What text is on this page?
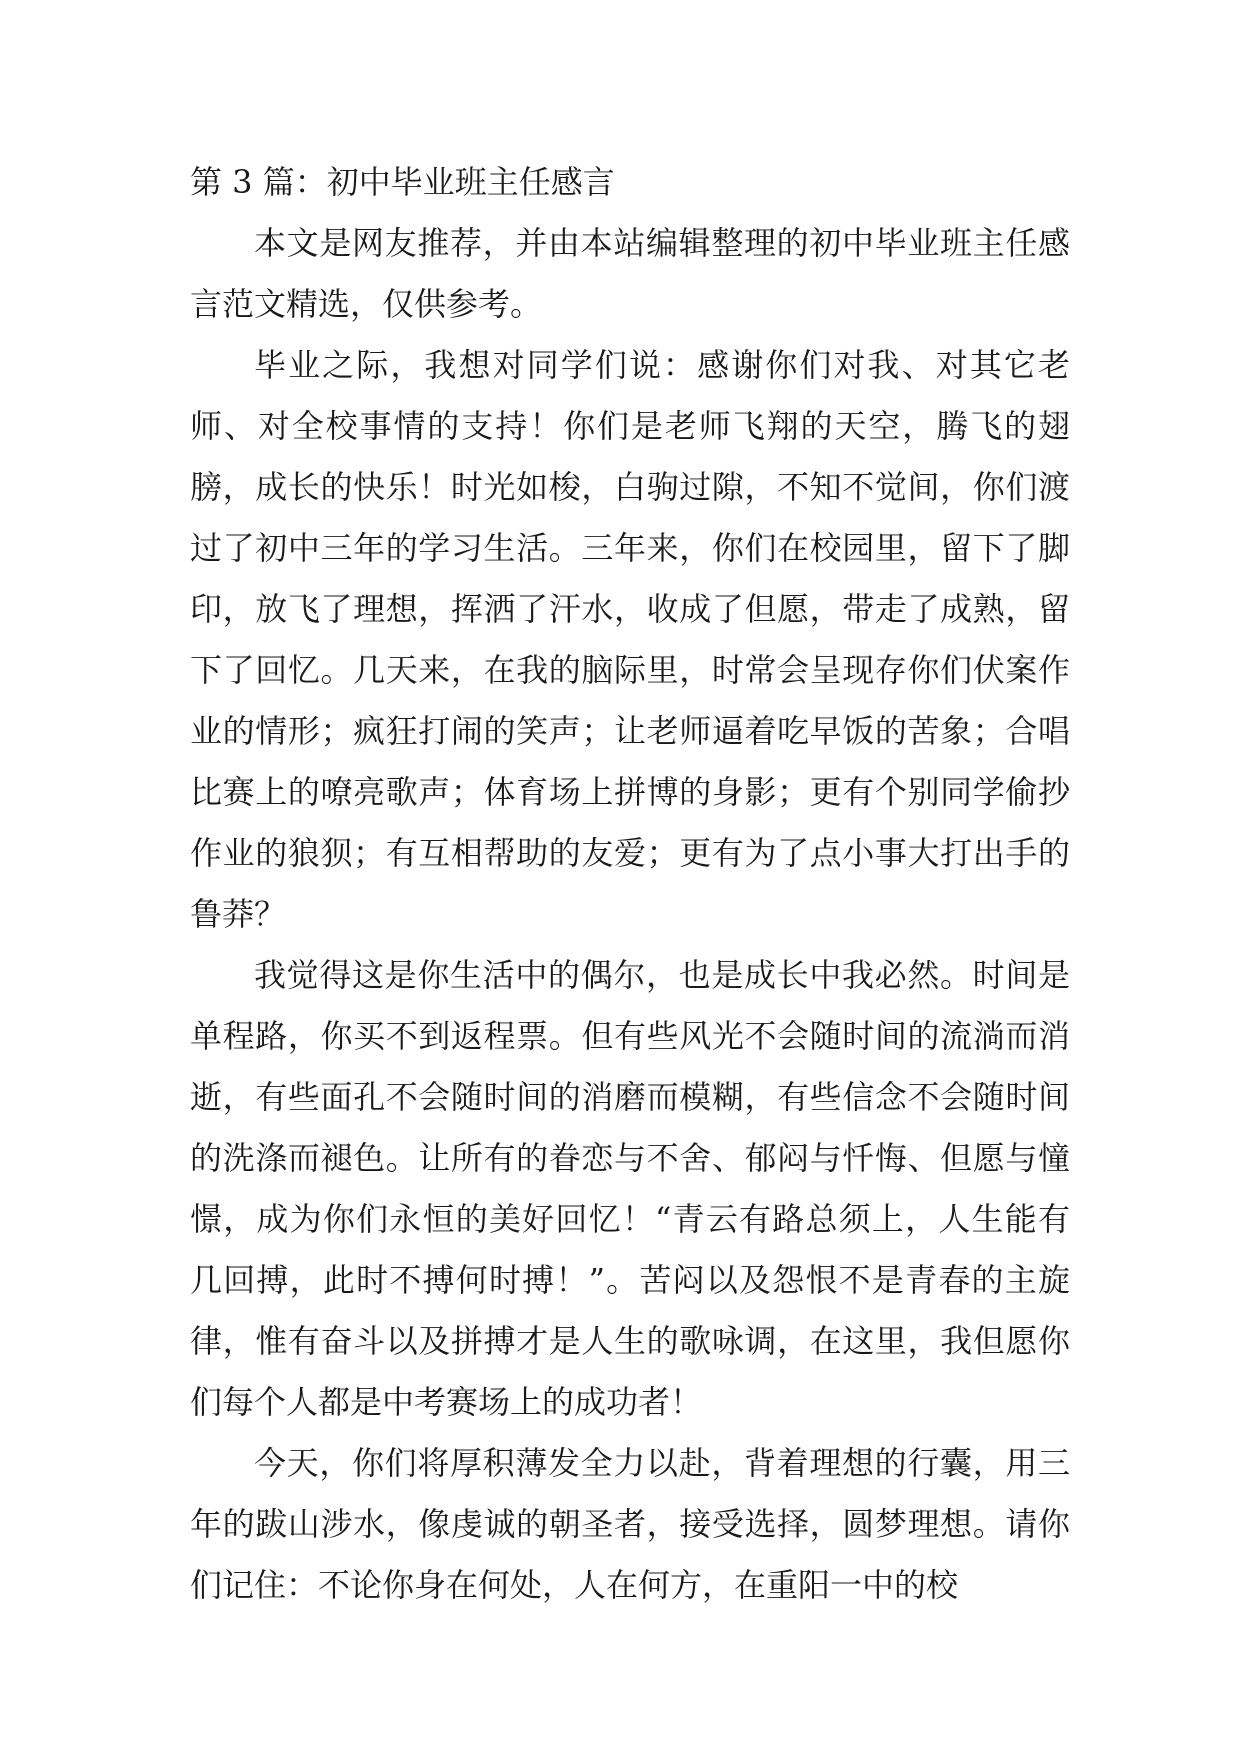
第 3 篇：初中毕业班主任感言

本文是网友推荐，并由本站编辑整理的初中毕业班主任感言范文精选，仅供参考。

毕业之际，我想对同学们说：感谢你们对我、对其它老师、对全校事情的支持！你们是老师飞翔的天空，腾飞的翅膀，成长的快乐！时光如梭，白驹过隙，不知不觉间，你们渡过了初中三年的学习生活。三年来，你们在校园里，留下了脚印，放飞了理想，挥洒了汗水，收成了但愿，带走了成熟，留下了回忆。几天来，在我的脑际里，时常会呈现存你们伏案作业的情形；疯狂打闹的笑声；让老师逼着吃早饭的苦象；合唱比赛上的嘹亮歌声；体育场上拼博的身影；更有个别同学偷抄作业的狼狈；有互相帮助的友爱；更有为了点小事大打出手的鲁莽？

我觉得这是你生活中的偶尔，也是成长中我必然。时间是单程路，你买不到返程票。但有些风光不会随时间的流淌而消逝，有些面孔不会随时间的消磨而模糊，有些信念不会随时间的洗涤而褪色。让所有的眷恋与不舍、郁闷与忏悔、但愿与憧憬，成为你们永恒的美好回忆！“青云有路总须上，人生能有几回搏，此时不搏何时搏！”。苦闷以及怨恨不是青春的主旋律，惟有奋斗以及拼搏才是人生的歌咏调，在这里，我但愿你们每个人都是中考赛场上的成功者！

今天，你们将厚积薄发全力以赴，背着理想的行囊，用三年的跋山涉水，像虔诚的朝圣者，接受选择，圆梦理想。请你们记住：不论你身在何处，人在何方，在重阳一中的校
